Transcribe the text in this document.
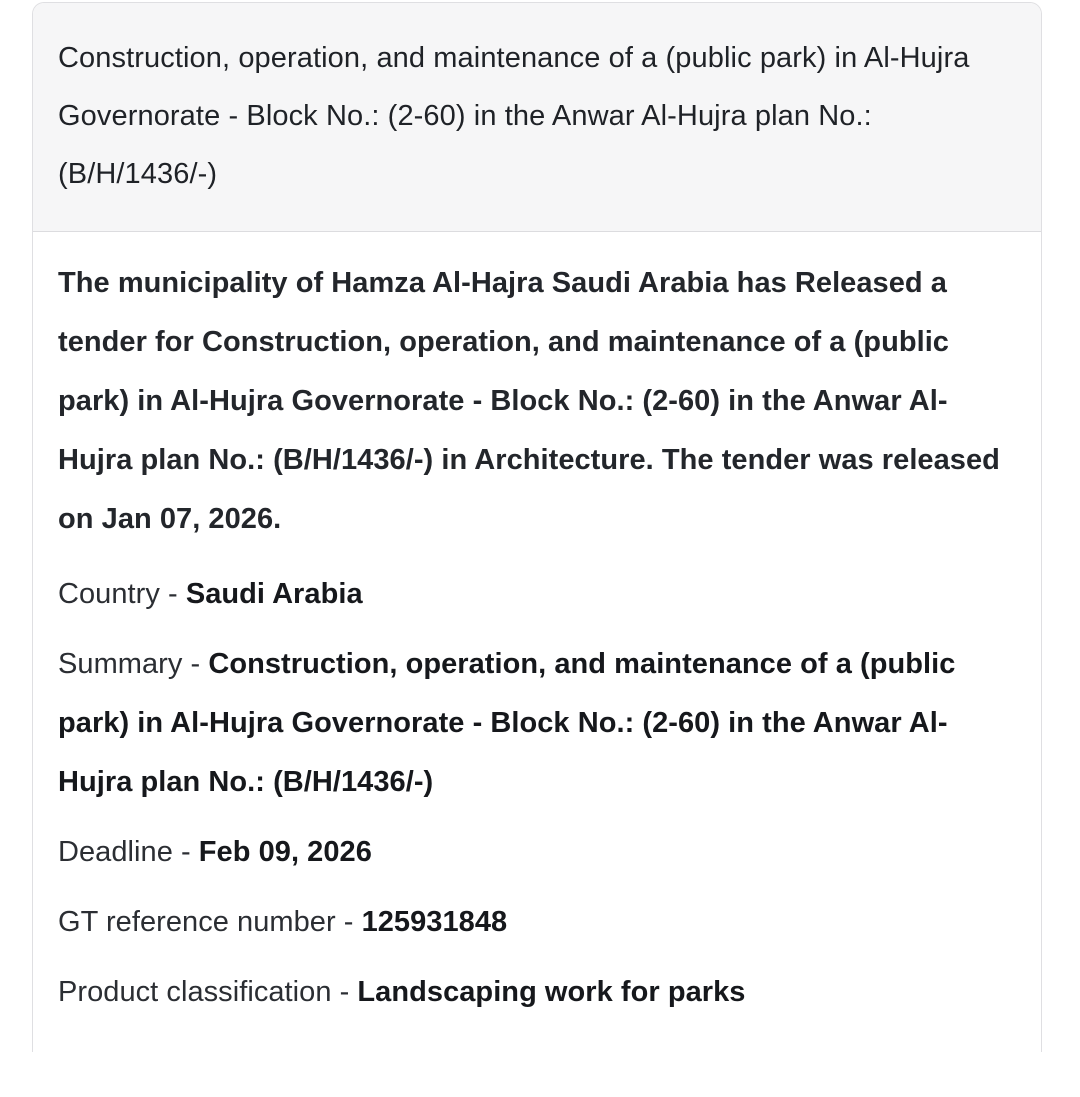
Construction, operation, and maintenance of a (public park) in Al-Hujra Governorate - Block No.: (2-60) in the Anwar Al-Hujra plan No.: (B/H/1436/-)

The municipality of Hamza Al-Hajra Saudi Arabia has Released a tender for Construction, operation, and maintenance of a (public park) in Al-Hujra Governorate - Block No.: (2-60) in the Anwar Al-Hujra plan No.: (B/H/1436/-) in Architecture. The tender was released on Jan 07, 2026.

Country - Saudi Arabia
Summary - Construction, operation, and maintenance of a (public park) in Al-Hujra Governorate - Block No.: (2-60) in the Anwar Al-Hujra plan No.: (B/H/1436/-)
Deadline - Feb 09, 2026
GT reference number - 125931848
Product classification - Landscaping work for parks
